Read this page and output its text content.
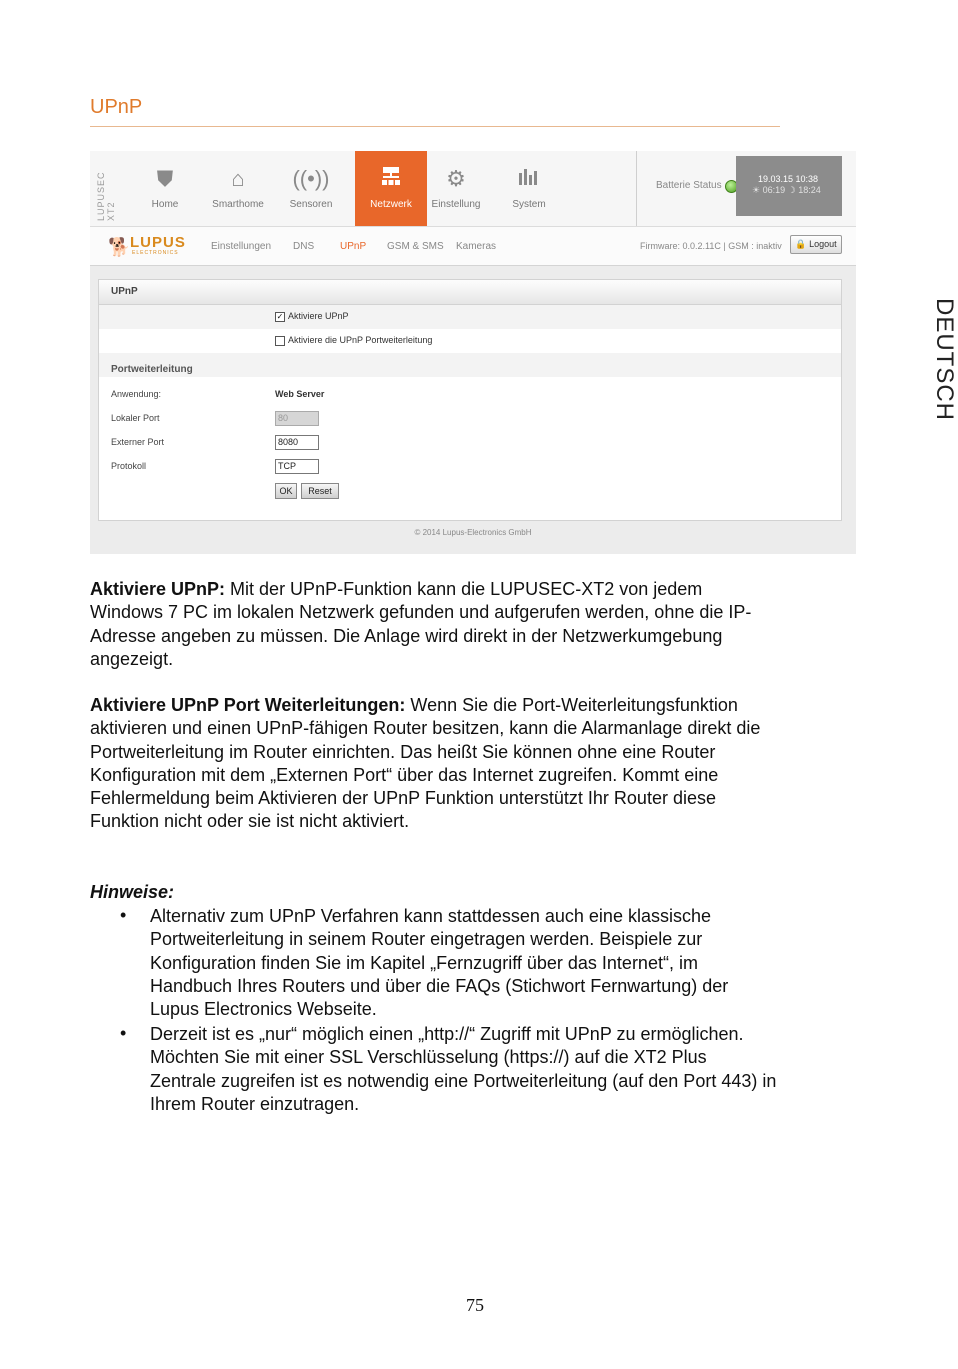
UPnP
DEUTSCH
LUPUSEC XT2
⛊
Home
⌂
Smarthome
((•))
Sensoren	Netzwerk
⚙
Einstellung	System
Batterie Status
19.03.15 10:38
☀ 06:19 ☽ 18:24
🐕 LUPUS
ELECTRONICS
Einstellungen DNS	UPnP GSM & SMS Kameras	Firmware: 0.0.2.11C | GSM : inaktiv	🔒 Logout
UPnP
✓ Aktiviere UPnP
Aktiviere die UPnP Portweiterleitung
Portweiterleitung
Anwendung:	Web Server
Lokaler Port	80
Externer Port	8080
Protokoll	TCP
OK	Reset
© 2014 Lupus-Electronics GmbH
Aktiviere UPnP: Mit der UPnP-Funktion kann die LUPUSEC-XT2 von jedem
Windows 7 PC im lokalen Netzwerk gefunden und aufgerufen werden, ohne die IP-
Adresse angeben zu müssen. Die Anlage wird direkt in der Netzwerkumgebung
angezeigt.
Aktiviere UPnP Port Weiterleitungen: Wenn Sie die Port-Weiterleitungsfunktion
aktivieren und einen UPnP-fähigen Router besitzen, kann die Alarmanlage direkt die
Portweiterleitung im Router einrichten. Das heißt Sie können ohne eine Router
Konfiguration mit dem „Externen Port“ über das Internet zugreifen. Kommt eine
Fehlermeldung beim Aktivieren der UPnP Funktion unterstützt Ihr Router diese
Funktion nicht oder sie ist nicht aktiviert.
Hinweise:
• Alternativ zum UPnP Verfahren kann stattdessen auch eine klassische
Portweiterleitung in seinem Router eingetragen werden. Beispiele zur
Konfiguration finden Sie im Kapitel „Fernzugriff über das Internet“, im
Handbuch Ihres Routers und über die FAQs (Stichwort Fernwartung) der
Lupus Electronics Webseite.
• Derzeit ist es „nur“ möglich einen „http://“ Zugriff mit UPnP zu ermöglichen.
Möchten Sie mit einer SSL Verschlüsselung (https://) auf die XT2 Plus
Zentrale zugreifen ist es notwendig eine Portweiterleitung (auf den Port 443) in
Ihrem Router einzutragen.
75
